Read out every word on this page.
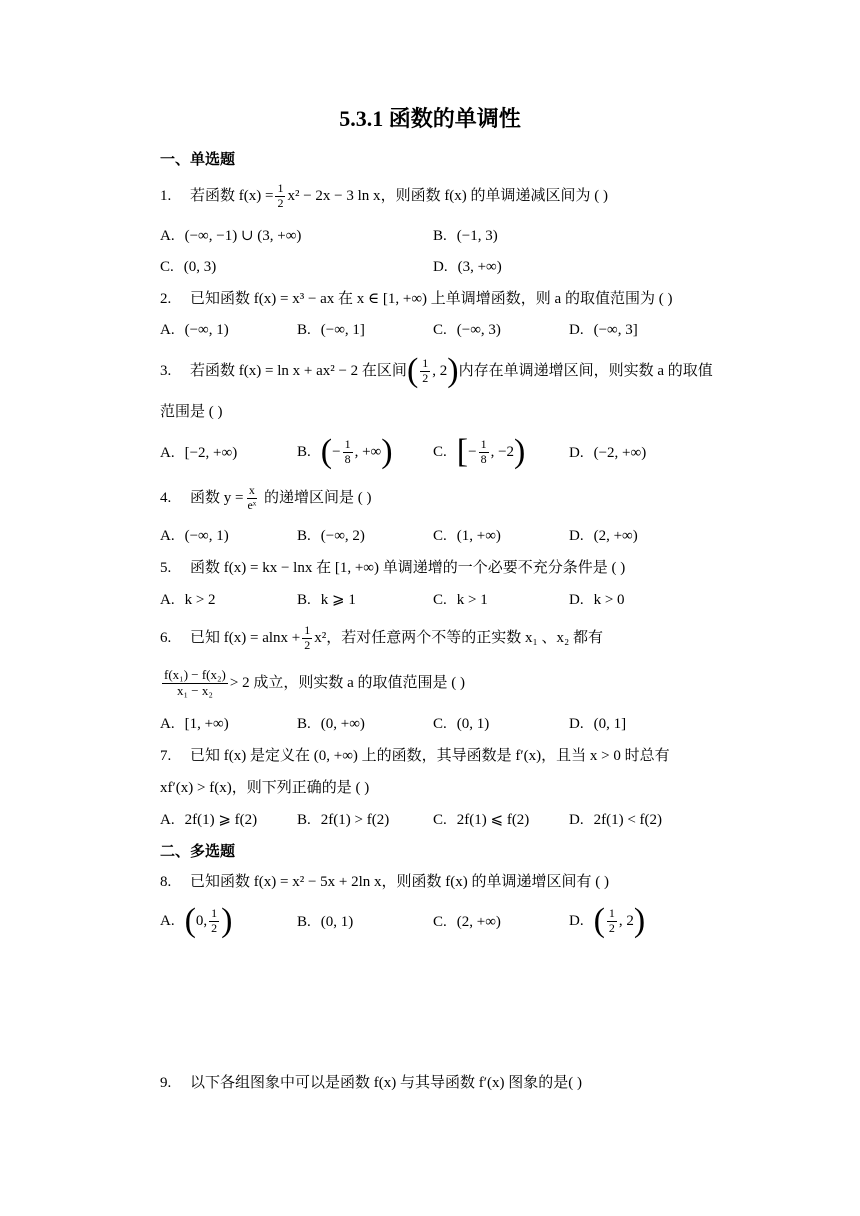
5.3.1 函数的单调性
一、单选题
1.	若函数
$f(x) = \frac{1}{2} x^2 - 2x - 3$ ln x ，则函数 f(x) 的单调递减区间为 ( )
A. (−∞, −1) ∪ (3, +∞)	B. (−1, 3)
C. (0, 3)	D. (3, +∞)
2.	已知函数 f(x) = x³ − ax 在 x ∈ [1, +∞) 上单调增函数，则 a 的取值范围为 ( )
A. (−∞, 1)	B. (−∞, 1]	C. (−∞, 3)	D. (−∞, 3]
3.	若函数 f(x) = ln x + ax² − 2 在区间 ( $\frac{1}{2}$ , 2 ) 内存在单调递增区间，则实数 a 的取值
范围是 ( )
A. [−2, +∞)	B. ( − $\frac{1}{8}$ , +∞ )	C. [ − $\frac{1}{8}$ , −2 )	D. (−2, +∞)
4.	函数 $y = \frac{x}{\text{eˣ}}$
的递增区间是 ( )
A. (−∞, 1)	B. (−∞, 2)	C. (1, +∞)	D. (2, +∞)
5.	函数 f(x) = kx − lnx 在 [1, +∞) 单调递增的一个必要不充分条件是 ( )
A. k > 2	B. k ⩾ 1	C. k > 1	D. k > 0
6.	已知 $f(x) = alnx + \frac{1}{2} x^2$，若对任意两个不等的正实数 x₁ 、x₂ 都有
$\frac{\text{f(x₁) − f(x₂)}}{\text{x₁ − x₂}} > 2$ 成立，则实数 a 的取值范围是 ( )
A. [1, +∞)	B. (0, +∞)	C. (0, 1)	D. (0, 1]
7.	已知 f(x) 是定义在 (0, +∞) 上的函数，其导函数是 f′(x)，且当 x > 0 时总有
xf′(x) > f(x)，则下列正确的是 ( )
A. 2f(1) ⩾ f(2)	B. 2f(1) > f(2)	C. 2f(1) ⩽ f(2)	D. 2f(1) < f(2)
二、多选题
8.	已知函数 f(x) = x² − 5x + 2ln x，则函数 f(x) 的单调递增区间有 ( )
A. ( 0, $\frac{1}{2}$ )	B. (0, 1)	C. (2, +∞)	D. ( $\frac{1}{2}$ , 2 )
9.	以下各组图象中可以是函数 f(x) 与其导函数 f′(x) 图象的是( )
